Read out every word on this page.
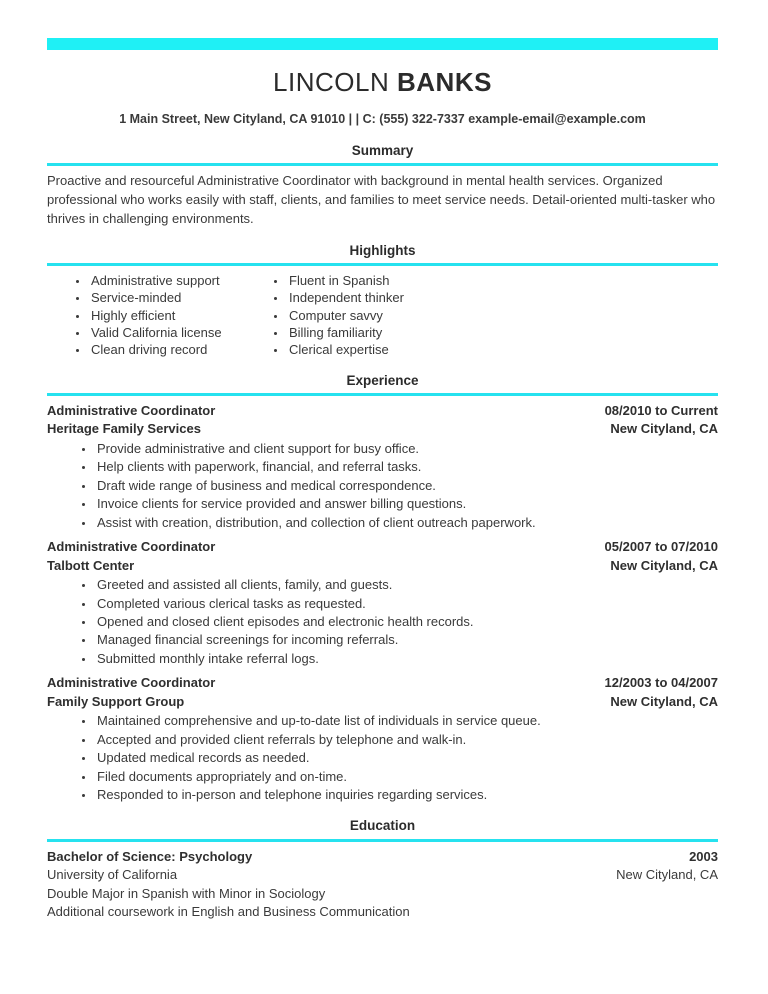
LINCOLN BANKS
1 Main Street, New Cityland, CA 91010 | | C: (555) 322-7337 example-email@example.com
Summary

Proactive and resourceful Administrative Coordinator with background in mental health services. Organized professional who works easily with staff, clients, and families to meet service needs. Detail-oriented multi-tasker who thrives in challenging environments.

Highlights
• Administrative support
• Service-minded
• Highly efficient
• Valid California license
• Clean driving record
• Fluent in Spanish
• Independent thinker
• Computer savvy
• Billing familiarity
• Clerical expertise
Experience
Administrative Coordinator	08/2010 to Current
Heritage Family Services	New Cityland, CA
• Provide administrative and client support for busy office.
• Help clients with paperwork, financial, and referral tasks.
• Draft wide range of business and medical correspondence.
• Invoice clients for service provided and answer billing questions.
• Assist with creation, distribution, and collection of client outreach paperwork.
Administrative Coordinator	05/2007 to 07/2010
Talbott Center	New Cityland, CA
• Greeted and assisted all clients, family, and guests.
• Completed various clerical tasks as requested.
• Opened and closed client episodes and electronic health records.
• Managed financial screenings for incoming referrals.
• Submitted monthly intake referral logs.
Administrative Coordinator	12/2003 to 04/2007
Family Support Group	New Cityland, CA
• Maintained comprehensive and up-to-date list of individuals in service queue.
• Accepted and provided client referrals by telephone and walk-in.
• Updated medical records as needed.
• Filed documents appropriately and on-time.
• Responded to in-person and telephone inquiries regarding services.
Education
Bachelor of Science: Psychology	2003
University of California	New Cityland, CA
Double Major in Spanish with Minor in Sociology
Additional coursework in English and Business Communication
